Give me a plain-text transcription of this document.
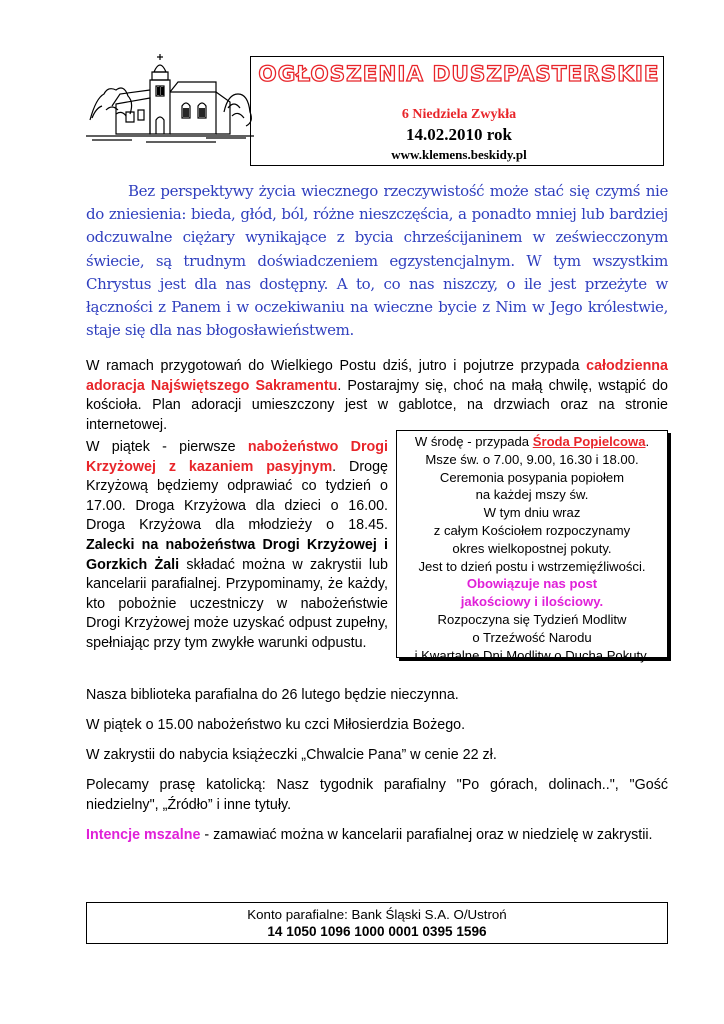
OGŁOSZENIA DUSZPASTERSKIE
6 Niedziela Zwykła
14.02.2010 rok
www.klemens.beskidy.pl

Bez perspektywy życia wiecznego rzeczywistość może stać się czymś nie do zniesienia: bieda, głód, ból, różne nieszczęścia, a ponadto mniej lub bardziej odczuwalne ciężary wynikające z bycia chrześcijaninem w zeświecczonym świecie, są trudnym doświadczeniem egzystencjalnym. W tym wszystkim Chrystus jest dla nas dostępny. A to, co nas niszczy, o ile jest przeżyte w łączności z Panem i w oczekiwaniu na wieczne bycie z Nim w Jego królestwie, staje się dla nas błogosławieństwem.

W ramach przygotowań do Wielkiego Postu dziś, jutro i pojutrze przypada całodzienna adoracja Najświętszego Sakramentu. Postarajmy się, choć na małą chwilę, wstąpić do kościoła. Plan adoracji umieszczony jest w gablotce, na drzwiach oraz na stronie internetowej.

W piątek - pierwsze nabożeństwo Drogi Krzyżowej z kazaniem pasyjnym. Drogę Krzyżową będziemy odprawiać co tydzień o 17.00. Droga Krzyżowa dla dzieci o 16.00. Droga Krzyżowa dla młodzieży o 18.45. Zalecki na nabożeństwa Drogi Krzyżowej i Gorzkich Żali składać można w zakrystii lub kancelarii parafialnej. Przypominamy, że każdy, kto pobożnie uczestniczy w nabożeństwie Drogi Krzyżowej może uzyskać odpust zupełny, spełniając przy tym zwykłe warunki odpustu.

W środę - przypada Środa Popielcowa.
Msze św. o 7.00, 9.00, 16.30 i 18.00.
Ceremonia posypania popiołem
na każdej mszy św.
W tym dniu wraz
z całym Kościołem rozpoczynamy
okres wielkopostnej pokuty.
Jest to dzień postu i wstrzemięźliwości.
Obowiązuje nas post
jakościowy i ilościowy.
Rozpoczyna się Tydzień Modlitw
o Trzeźwość Narodu
i Kwartalne Dni Modlitw o Ducha Pokuty.

Nasza biblioteka parafialna do 26 lutego będzie nieczynna.

W piątek o 15.00 nabożeństwo ku czci Miłosierdzia Bożego.

W zakrystii do nabycia książeczki „Chwalcie Pana” w cenie 22 zł.

Polecamy prasę katolicką: Nasz tygodnik parafialny "Po górach, dolinach..", "Gość niedzielny", „Źródło” i inne tytuły.

Intencje mszalne - zamawiać można w kancelarii parafialnej oraz w niedzielę w zakrystii.

Konto parafialne: Bank Śląski S.A. O/Ustroń
14 1050 1096 1000 0001 0395 1596
